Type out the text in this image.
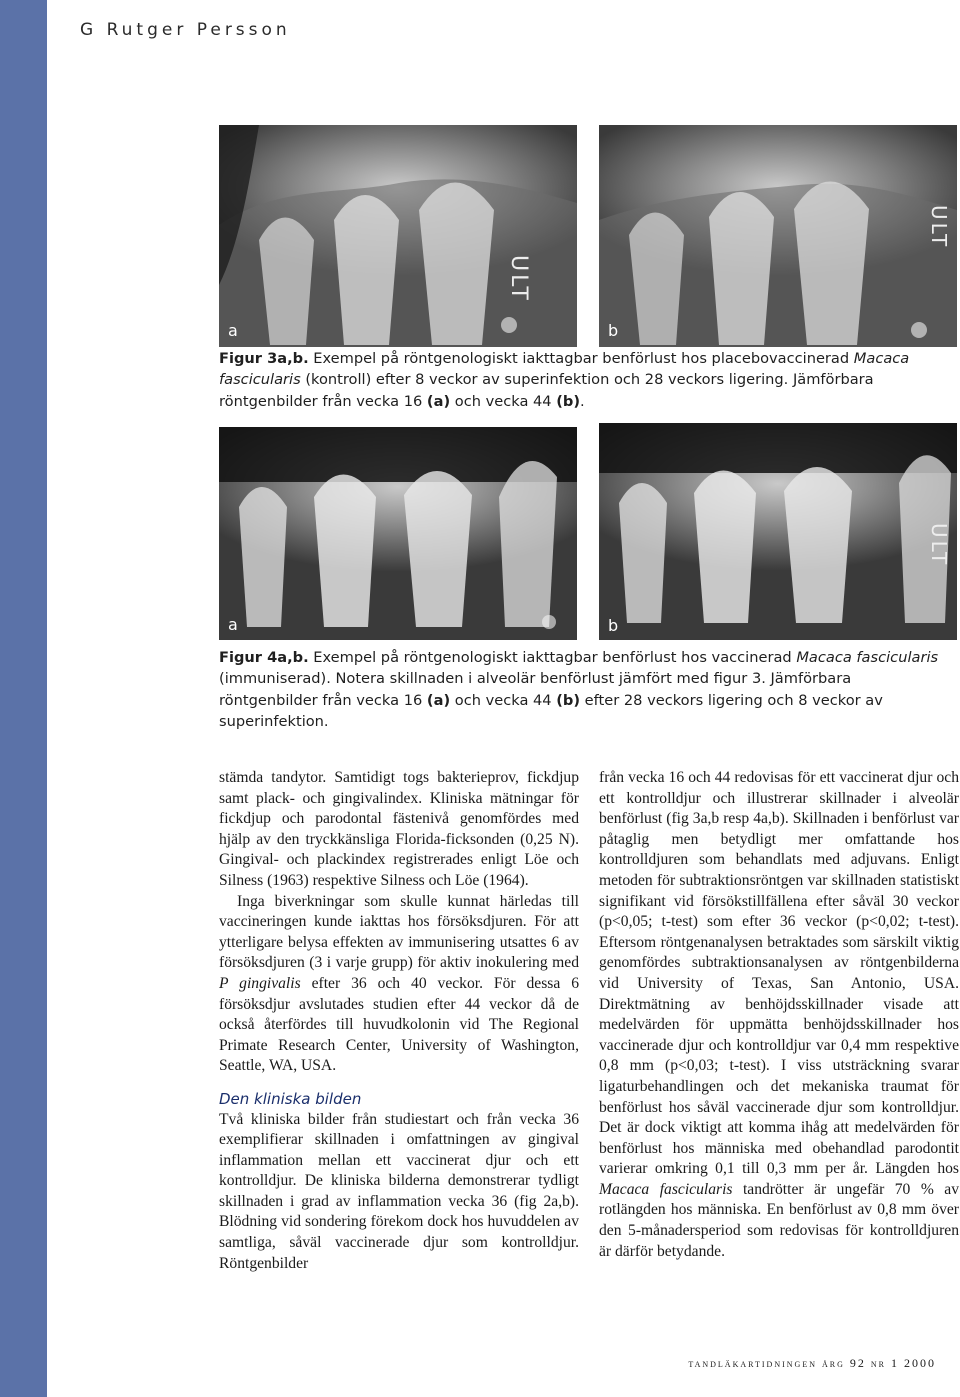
G Rutger Persson
ULT
a
ULT
b
Figur 3a,b. Exempel på röntgenologiskt iakttagbar benförlust hos placebovaccinerad Macaca fascicularis (kontroll) efter 8 veckor av superinfektion och 28 veckors ligering. Jämförbara röntgenbilder från vecka 16 (a) och vecka 44 (b).
a
ULT
b
Figur 4a,b. Exempel på röntgenologiskt iakttagbar benförlust hos vaccinerad Macaca fascicularis (immuniserad). Notera skillnaden i alveolär benförlust jämfört med figur 3. Jämförbara röntgenbilder från vecka 16 (a) och vecka 44 (b) efter 28 veckors ligering och 8 veckor av superinfektion.

stämda tandytor. Samtidigt togs bakterieprov, fickdjup samt plack- och gingivalindex. Kliniska mätningar för fickdjup och parodontal fästenivå genomfördes med hjälp av den tryckkänsliga Florida-ficksonden (0,25 N). Gingival- och plackindex registrerades enligt Löe och Silness (1963) respektive Silness och Löe (1964).

Inga biverkningar som skulle kunnat härledas till vaccineringen kunde iakttas hos försöksdjuren. För att ytterligare belysa effekten av immunisering utsattes 6 av försöksdjuren (3 i varje grupp) för aktiv inokulering med P gingivalis efter 36 och 40 veckor. För dessa 6 försöksdjur avslutades studien efter 44 veckor då de också återfördes till huvudkolonin vid The Regional Primate Research Center, University of Washington, Seattle, WA, USA.

Den kliniska bilden

Två kliniska bilder från studiestart och från vecka 36 exemplifierar skillnaden i omfattningen av gingival inflammation mellan ett vaccinerat djur och ett kontrolldjur. De kliniska bilderna demonstrerar tydligt skillnaden i grad av inflammation vecka 36 (fig 2a,b). Blödning vid sondering förekom dock hos huvuddelen av samtliga, såväl vaccinerade djur som kontrolldjur. Röntgenbilder

från vecka 16 och 44 redovisas för ett vaccinerat djur och ett kontrolldjur och illustrerar skillnader i alveolär benförlust (fig 3a,b resp 4a,b). Skillnaden i benförlust var påtaglig men betydligt mer omfattande hos kontrolldjuren som behandlats med adjuvans. Enligt metoden för subtraktionsröntgen var skillnaden statistiskt signifikant vid försökstillfällena efter såväl 30 veckor (p<0,05; t-test) som efter 36 veckor (p<0,02; t-test). Eftersom röntgenanalysen betraktades som särskilt viktig genomfördes subtraktionsanalysen av röntgenbilderna vid University of Texas, San Antonio, USA. Direktmätning av benhöjdsskillnader visade att medelvärden för uppmätta benhöjdsskillnader hos vaccinerade djur och kontrolldjur var 0,4 mm respektive 0,8 mm (p<0,03; t-test). I viss utsträckning svarar ligaturbehandlingen och det mekaniska traumat för benförlust hos såväl vaccinerade djur som kontrolldjur. Det är dock viktigt att komma ihåg att medelvärden för benförlust hos människa med obehandlad parodontit varierar omkring 0,1 till 0,3 mm per år. Längden hos Macaca fascicularis tandrötter är ungefär 70 % av rotlängden hos människa. En benförlust av 0,8 mm över den 5-månadersperiod som redovisas för kontrolldjuren är därför betydande.

tandläkartidningen årg 92 nr 1 2000
